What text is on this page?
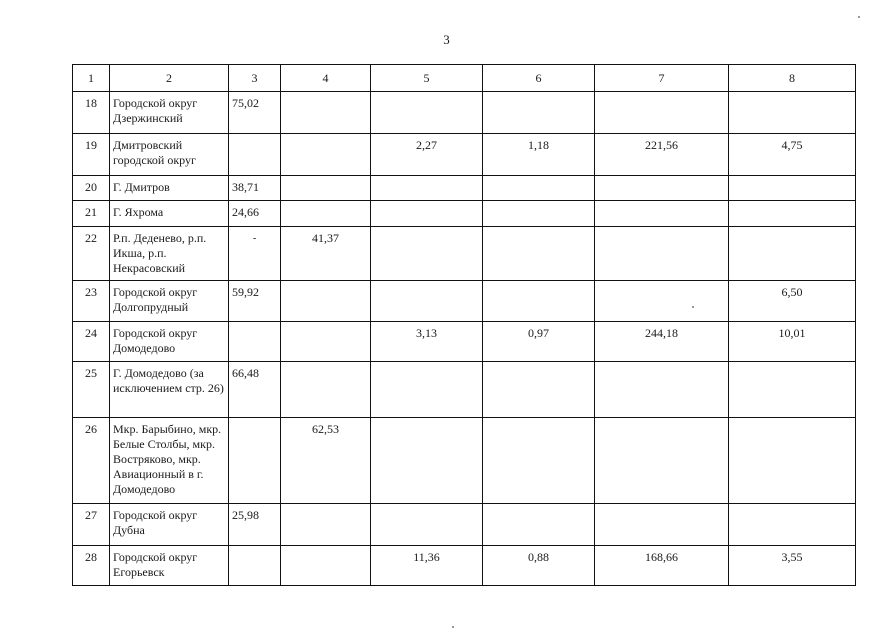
3
1	2	3	4	5	6	7	8
18	Городской округ Дзержинский	75,02					
19	Дмитровский городской округ			2,27	1,18	221,56	4,75
20	Г. Дмитров	38,71					
21	Г. Яхрома	24,66					
22	Р.п. Деденево, р.п. Икша, р.п. Некрасовский	-	41,37				
23	Городской округ Долгопрудный	59,92					6,50
24	Городской округ Домодедово			3,13	0,97	244,18	10,01
25	Г. Домодедово (за исключением стр. 26)	66,48					
26	Мкр. Барыбино, мкр. Белые Столбы, мкр. Востряково, мкр. Авиационный в г. Домодедово		62,53				
27	Городской округ Дубна	25,98					
28	Городской округ Егорьевск			11,36	0,88	168,66	3,55
